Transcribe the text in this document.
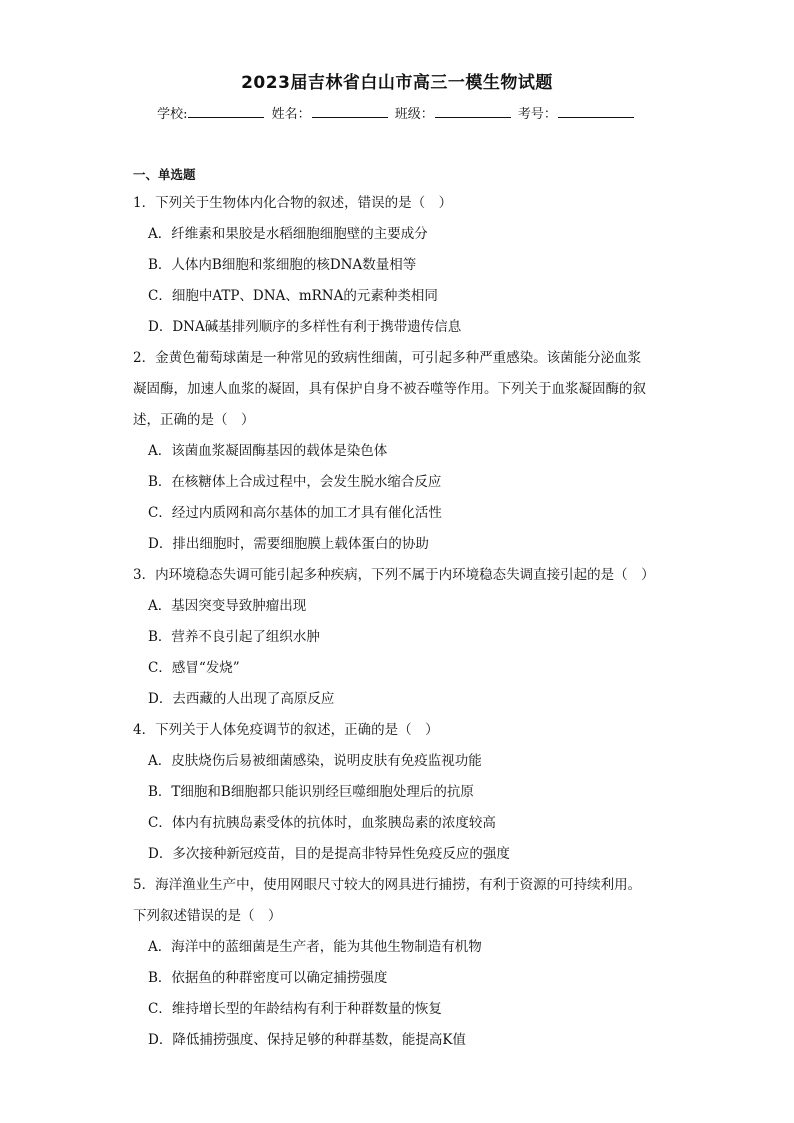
2023届吉林省白山市高三一模生物试题
学校:	姓名：	班级：	考号：
一、单选题
1．下列关于生物体内化合物的叙述，错误的是（　）
A．纤维素和果胶是水稻细胞细胞壁的主要成分
B．人体内B细胞和浆细胞的核DNA数量相等
C．细胞中ATP、DNA、mRNA的元素种类相同
D．DNA碱基排列顺序的多样性有利于携带遗传信息
2．金黄色葡萄球菌是一种常见的致病性细菌，可引起多种严重感染。该菌能分泌血浆
凝固酶，加速人血浆的凝固，具有保护自身不被吞噬等作用。下列关于血浆凝固酶的叙
述，正确的是（　）
A．该菌血浆凝固酶基因的载体是染色体
B．在核糖体上合成过程中，会发生脱水缩合反应
C．经过内质网和高尔基体的加工才具有催化活性
D．排出细胞时，需要细胞膜上载体蛋白的协助
3．内环境稳态失调可能引起多种疾病，下列不属于内环境稳态失调直接引起的是（　）
A．基因突变导致肿瘤出现
B．营养不良引起了组织水肿
C．感冒“发烧”
D．去西藏的人出现了高原反应
4．下列关于人体免疫调节的叙述，正确的是（　）
A．皮肤烧伤后易被细菌感染，说明皮肤有免疫监视功能
B．T细胞和B细胞都只能识别经巨噬细胞处理后的抗原
C．体内有抗胰岛素受体的抗体时，血浆胰岛素的浓度较高
D．多次接种新冠疫苗，目的是提高非特异性免疫反应的强度
5．海洋渔业生产中，使用网眼尺寸较大的网具进行捕捞，有利于资源的可持续利用。
下列叙述错误的是（　）
A．海洋中的蓝细菌是生产者，能为其他生物制造有机物
B．依据鱼的种群密度可以确定捕捞强度
C．维持增长型的年龄结构有利于种群数量的恢复
D．降低捕捞强度、保持足够的种群基数，能提高K值
